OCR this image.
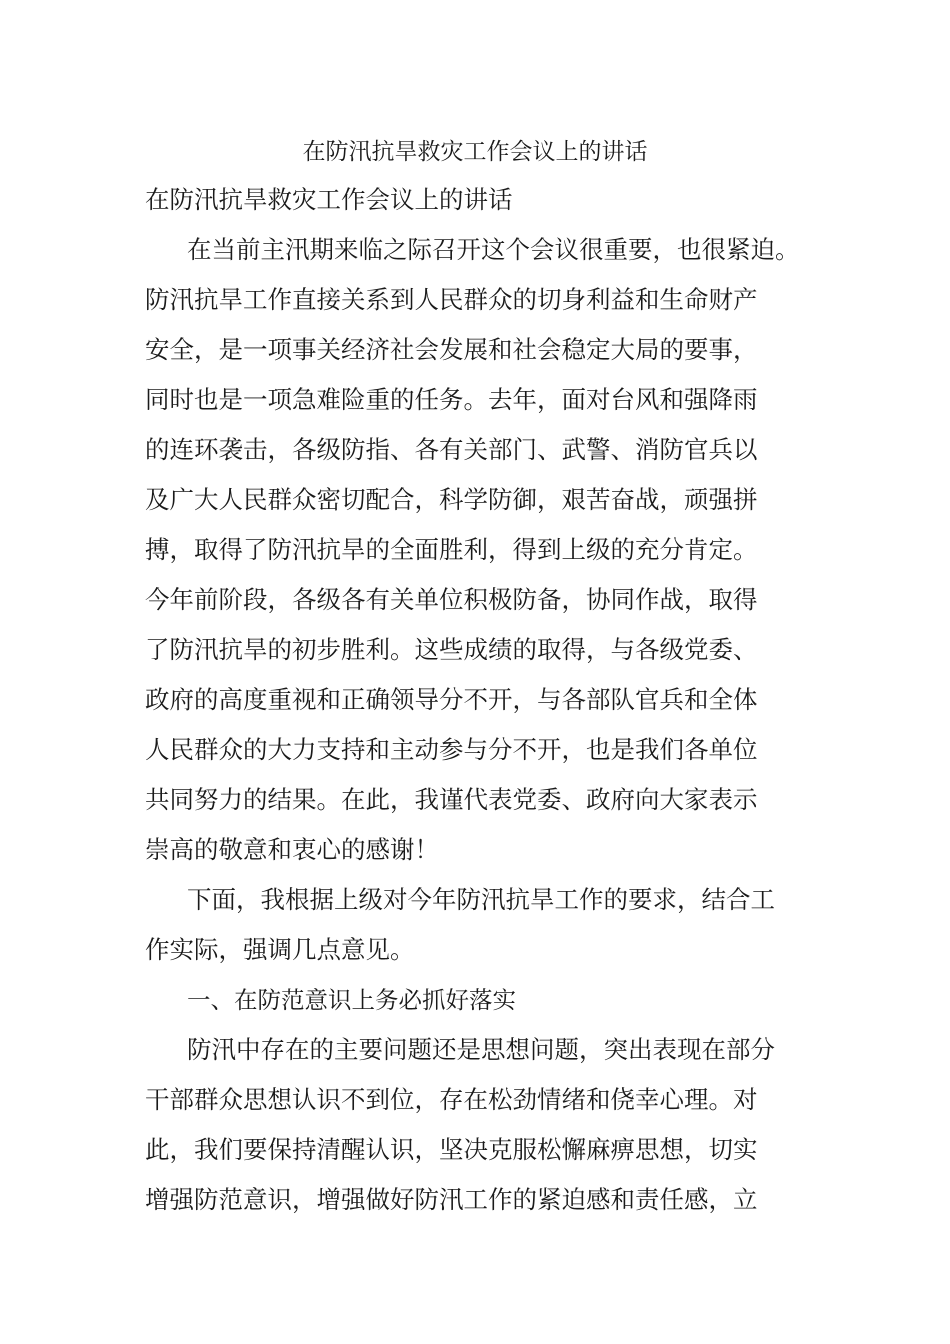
在防汛抗旱救灾工作会议上的讲话
在防汛抗旱救灾工作会议上的讲话
在当前主汛期来临之际召开这个会议很重要，也很紧迫。
防汛抗旱工作直接关系到人民群众的切身利益和生命财产
安全，是一项事关经济社会发展和社会稳定大局的要事，
同时也是一项急难险重的任务。去年，面对台风和强降雨
的连环袭击，各级防指、各有关部门、武警、消防官兵以
及广大人民群众密切配合，科学防御，艰苦奋战，顽强拼
搏，取得了防汛抗旱的全面胜利，得到上级的充分肯定。
今年前阶段，各级各有关单位积极防备，协同作战，取得
了防汛抗旱的初步胜利。这些成绩的取得，与各级党委、
政府的高度重视和正确领导分不开，与各部队官兵和全体
人民群众的大力支持和主动参与分不开，也是我们各单位
共同努力的结果。在此，我谨代表党委、政府向大家表示
崇高的敬意和衷心的感谢！
下面，我根据上级对今年防汛抗旱工作的要求，结合工
作实际，强调几点意见。
一、在防范意识上务必抓好落实
防汛中存在的主要问题还是思想问题，突出表现在部分
干部群众思想认识不到位，存在松劲情绪和侥幸心理。对
此，我们要保持清醒认识，坚决克服松懈麻痹思想，切实
增强防范意识，增强做好防汛工作的紧迫感和责任感，立
